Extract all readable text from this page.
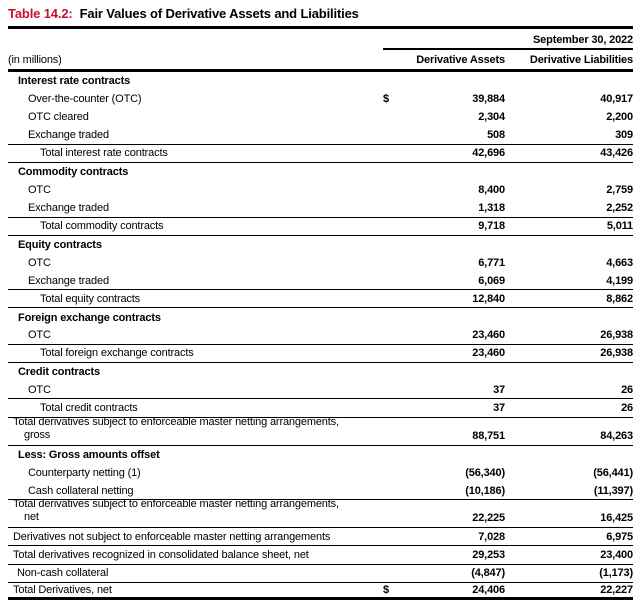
Table 14.2: Fair Values of Derivative Assets and Liabilities
September 30, 2022
(in millions)	Derivative Assets	Derivative Liabilities
Interest rate contracts
Over-the-counter (OTC)	$	39,884	40,917
OTC cleared	2,304	2,200
Exchange traded	508	309
Total interest rate contracts	42,696	43,426
Commodity contracts
OTC	8,400	2,759
Exchange traded	1,318	2,252
Total commodity contracts	9,718	5,011
Equity contracts
OTC	6,771	4,663
Exchange traded	6,069	4,199
Total equity contracts	12,840	8,862
Foreign exchange contracts
OTC	23,460	26,938
Total foreign exchange contracts	23,460	26,938
Credit contracts
OTC	37	26
Total credit contracts	37	26
Total derivatives subject to enforceable master netting arrangements,
gross	88,751	84,263
Less: Gross amounts offset
Counterparty netting (1)	(56,340)	(56,441)
Cash collateral netting	(10,186)	(11,397)
Total derivatives subject to enforceable master netting arrangements,
net	22,225	16,425
Derivatives not subject to enforceable master netting arrangements	7,028	6,975
Total derivatives recognized in consolidated balance sheet, net	29,253	23,400
Non-cash collateral	(4,847)	(1,173)
Total Derivatives, net	$	24,406	22,227
